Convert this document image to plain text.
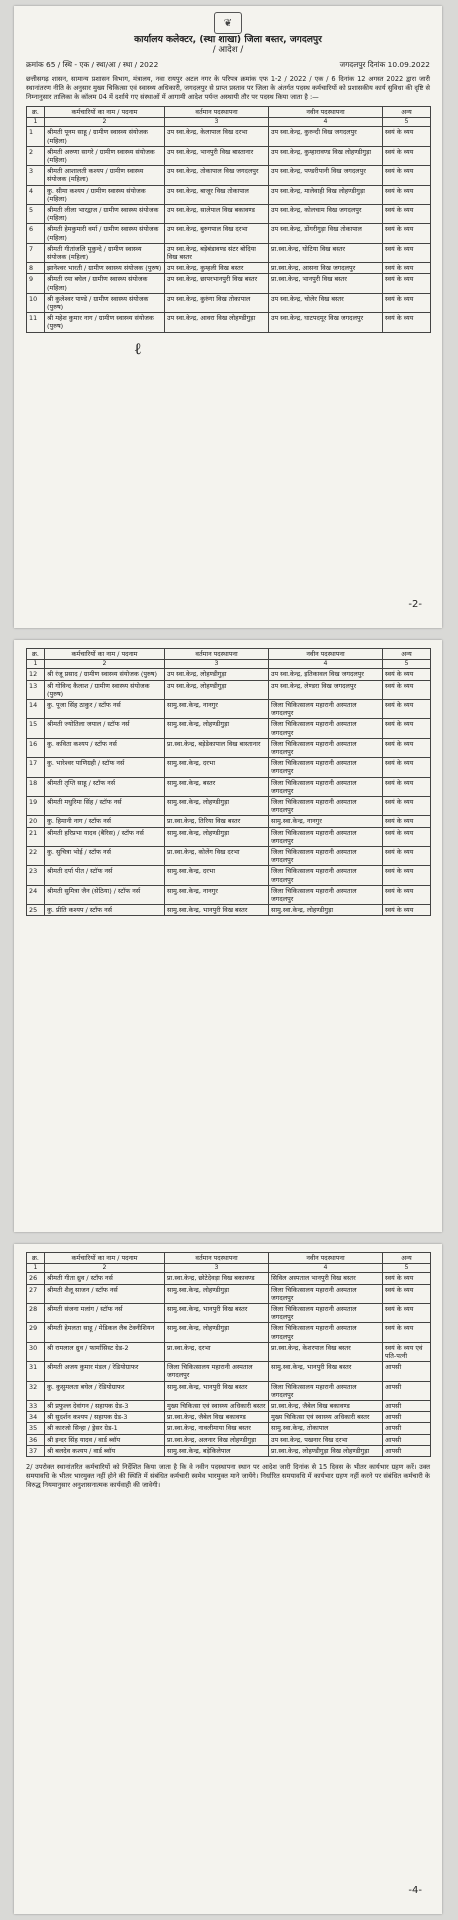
❦
कार्यालय कलेक्टर, (स्था शाखा) जिला बस्तर, जगदलपुर
/ आदेश /
क्रमांक 65 / स्थि - एक / स्था/आ / स्था / 2022	जगदलपुर दिनांक 10.09.2022
छत्तीसगढ़ शासन, सामान्य प्रशासन विभाग, मंत्रालय, नवा रायपुर अटल नगर के परिपत्र क्रमांक एफ 1-2 / 2022 / एक / 6 दिनांक 12 अगस्त 2022 द्वारा जारी स्थानांतरण नीति के अनुसार मुख्य चिकित्सा एवं स्वास्थ्य अधिकारी, जगदलपुर से प्राप्त प्रस्ताव पर जिला के अंतर्गत पदस्थ कर्मचारियों को प्रशासकीय कार्य सुविधा की दृष्टि से निम्नानुसार तालिका के कॉलम 04 में दर्शाये गए संस्थाओं में आगामी आदेश पर्यन्त अस्थायी तौर पर पदस्थ किया जाता है :—
क्र.	कर्मचारियों का नाम / पदनाम	वर्तमान पदस्थापना	नवीन पदस्थापना	अन्य
1	2	3	4	5
1	श्रीमती पूनम साहू / ग्रामीण स्वास्थ्य संयोजक (महिला)	उप स्वा.केन्द्र, केलापाल विख दरभा	उप स्वा.केन्द्र, कुरुन्दी विख जगदलपुर	स्वयं के व्यय
2	श्रीमती अरुणा सागरे / ग्रामीण स्वास्थ्य संयोजक (महिला)	उप स्वा.केन्द्र, भानपुरी विख बास्तानार	उप स्वा.केन्द्र, कुम्हारावण्ड विख लोहण्डीगुड़ा	स्वयं के व्यय
3	श्रीमती आशालती कश्यप / ग्रामीण स्वास्थ्य संयोजक (महिला)	उप स्वा.केन्द्र, तोकापाल विख जगदलपुर	उप स्वा.केन्द्र, पण्डरीपानी विख जगदलपुर	स्वयं के व्यय
4	कु. सीमा कश्यप / ग्रामीण स्वास्थ्य संयोजक (महिला)	उप स्वा.केन्द्र, बाजूर विख तोकापाल	उप स्वा.केन्द्र, मालेवाही विख लोहण्डीगुड़ा	स्वयं के व्यय
5	श्रीमती लीला भारद्वाज / ग्रामीण स्वास्थ्य संयोजक (महिला)	उप स्वा.केन्द्र, सालेपाल विख बकावण्ड	उप स्वा.केन्द्र, कोलचाम विख जगदलपुर	स्वयं के व्यय
6	श्रीमती हेमकुमारी वर्मा / ग्रामीण स्वास्थ्य संयोजक (महिला)	उप स्वा.केन्द्र, बुरुगपाल विख दरभा	उप स्वा.केन्द्र, डोंगरीगुड़ा विख तोकापाल	स्वयं के व्यय
7	श्रीमती गीतांजलि मुकुन्दे / ग्रामीण स्वास्थ्य संयोजक (महिला)	उप स्वा.केन्द्र, बड़ेबंडावण्ड संटर बोदिया विख बस्तर	प्रा.स्वा.केन्द्र, घोटिया विख बस्तर	स्वयं के व्यय
8	झानेश्वर भारती / ग्रामीण स्वास्थ्य संयोजक (पुरुष)	उप स्वा.केन्द्र, कुम्हली विख बस्तर	प्रा.स्वा.केन्द्र, आसना विख जगदलपुर	स्वयं के व्यय
9	श्रीमती रमा बघेल / ग्रामीण स्वास्थ्य संयोजक (महिला)	उप स्वा.केन्द्र, छापरभानपुरी विख बस्तर	प्रा.स्वा.केन्द्र, भानपुरी विख बस्तर	स्वयं के व्यय
10	श्री कुलेश्वर पाण्डे / ग्रामीण स्वास्थ्य संयोजक (पुरुष)	उप स्वा.केन्द्र, कुरुंगा विख तोकापाल	उप स्वा.केन्द्र, चोलेर विख बस्तर	स्वयं के व्यय
11	श्री महेश कुमार नाग / ग्रामीण स्वास्थ्य संयोजक (पुरुष)	उप स्वा.केन्द्र, आवरा विख लोहण्डीगुड़ा	उप स्वा.केन्द्र, घाटपदमूर विख जगदलपुर	स्वयं के व्यय
ℓ
-2-
क्र.	कर्मचारियों का नाम / पदनाम	वर्तमान पदस्थापना	नवीन पदस्थापना	अन्य
1	2	3	4	5
12	श्री रंजू प्रसाद / ग्रामीण स्वास्थ्य संयोजक (पुरुष)	उप स्वा.केन्द्र, लोहण्डीगुड़ा	उप स्वा.केन्द्र, इतिकावल विख जगदलपुर	स्वयं के व्यय
13	श्री गोविन्द कैलाश / ग्रामीण स्वास्थ्य संयोजक (पुरुष)	उप स्वा.केन्द्र, लोहण्डीगुड़ा	उप स्वा.केन्द्र, लेण्डरा विख जगदलपुर	स्वयं के व्यय
14	कु. पूजा सिंह ठाकुर / स्टॉफ नर्स	सामु.स्वा.केन्द्र, नानगुर	जिला चिकित्सालय महारानी अस्पताल जगदलपुर	स्वयं के व्यय
15	श्रीमती ज्योतिला जयाल / स्टॉफ नर्स	सामु.स्वा.केन्द्र, लोहण्डीगुड़ा	जिला चिकित्सालय महारानी अस्पताल जगदलपुर	स्वयं के व्यय
16	कु. कविता कश्यप / स्टॉफ नर्स	प्रा.स्वा.केन्द्र, बड़ेडेकापाल विख बास्तानार	जिला चिकित्सालय महारानी अस्पताल जगदलपुर	स्वयं के व्यय
17	कु. भारेश्वर पाणिग्रही / स्टॉफ नर्स	सामु.स्वा.केन्द्र, दरभा	जिला चिकित्सालय महारानी अस्पताल जगदलपुर	स्वयं के व्यय
18	श्रीमती तृप्ति साहू / स्टॉफ नर्स	सामु.स्वा.केन्द्र, बस्तर	जिला चिकित्सालय महारानी अस्पताल जगदलपुर	स्वयं के व्यय
19	श्रीमती मधुरिमा सिंह / स्टॉफ नर्स	सामु.स्वा.केन्द्र, लोहण्डीगुड़ा	जिला चिकित्सालय महारानी अस्पताल जगदलपुर	स्वयं के व्यय
20	कु. हिमानी नाग / स्टॉफ नर्स	प्रा.स्वा.केन्द्र, तिरिया विख बस्तर	सामु.स्वा.केन्द्र, नानगुर	स्वयं के व्यय
21	श्रीमती हरिप्रभा यादव (बैरिस) / स्टॉफ नर्स	सामु.स्वा.केन्द्र, लोहण्डीगुड़ा	जिला चिकित्सालय महारानी अस्पताल जगदलपुर	स्वयं के व्यय
22	कु. सुचित्रा भोई / स्टॉफ नर्स	प्रा.स्वा.केन्द्र, कोलेंग विख दरभा	जिला चिकित्सालय महारानी अस्पताल जगदलपुर	स्वयं के व्यय
23	श्रीमती दर्पा पीत / स्टॉफ नर्स	सामु.स्वा.केन्द्र, दरभा	जिला चिकित्सालय महारानी अस्पताल जगदलपुर	स्वयं के व्यय
24	श्रीमती सुमित्रा जैन (सेठिया) / स्टॉफ नर्स	सामु.स्वा.केन्द्र, नानगुर	जिला चिकित्सालय महारानी अस्पताल जगदलपुर	स्वयं के व्यय
25	कु. प्रीति कश्यप / स्टॉफ नर्स	सामु.स्वा.केन्द्र, भानपुरी विख बस्तर	सामु.स्वा.केन्द्र, लोहण्डीगुड़ा	स्वयं के व्यय
क्र.	कर्मचारियों का नाम / पदनाम	वर्तमान पदस्थापना	नवीन पदस्थापना	अन्य
1	2	3	4	5
26	श्रीमती गीता ध्रुव / स्टॉफ नर्स	प्रा.स्वा.केन्द्र, छोटेदेवड़ा विख बकावण्ड	सिविल अस्पताल भानपुरी विख बस्तर	स्वयं के व्यय
27	श्रीमती शैलू साजन / स्टॉफ नर्स	सामु.स्वा.केन्द्र, लोहण्डीगुड़ा	जिला चिकित्सालय महारानी अस्पताल जगदलपुर	स्वयं के व्यय
28	श्रीमती संजना मलांग / स्टॉफ नर्स	सामु.स्वा.केन्द्र, भानपुरी विख बस्तर	जिला चिकित्सालय महारानी अस्पताल जगदलपुर	स्वयं के व्यय
29	श्रीमती हेमलता साहू / मेडिकल लैब टेक्नीशियन	सामु.स्वा.केन्द्र, लोहण्डीगुड़ा	जिला चिकित्सालय महारानी अस्पताल जगदलपुर	स्वयं के व्यय
30	श्री रामलाल ध्रुव / फार्मासिस्ट ग्रेड-2	प्रा.स्वा.केन्द्र, दरभा	प्रा.स्वा.केन्द्र, केशरपाल विख बस्तर	स्वयं के व्यय एवं पति-पत्नी
31	श्रीमती अजय कुमार मंडल / रेडियोग्राफर	जिला चिकित्सालय महारानी अस्पताल जगदलपुर	सामु.स्वा.केन्द्र, भानपुरी विख बस्तर	आपसी
32	कु. कुसुमलता बघेल / रेडियोग्राफर	सामु.स्वा.केन्द्र, भानपुरी विख बस्तर	जिला चिकित्सालय महारानी अस्पताल जगदलपुर	आपसी
33	श्री प्रफुल्ल देवांगन / सहायक ग्रेड-3	मुख्य चिकित्सा एवं स्वास्थ्य अधिकारी बस्तर	प्रा.स्वा.केन्द्र, जैबेल विख बकावण्ड	आपसी
34	श्री सुदर्शन कश्यप / सहायक ग्रेड-3	प्रा.स्वा.केन्द्र, जैबेल विख बकावण्ड	मुख्य चिकित्सा एवं स्वास्थ्य अधिकारी बस्तर	आपसी
35	श्री कारजो सिन्हा / ड्रेसर ग्रेड-1	प्रा.स्वा.केन्द्र, नावलीमाया विख बस्तर	सामु.स्वा.केन्द्र, तोकापाल	आपसी
36	श्री इन्दर सिंह यादव / वार्ड ब्वॉय	प्रा.स्वा.केन्द्र, अलनार विख लोहण्डीगुड़ा	उप स्वा.केन्द्र, पखनार विख दरभा	आपसी
37	श्री बलदेव कश्यप / वार्ड ब्वॉय	सामु.स्वा.केन्द्र, बड़ेकिलेपाल	प्रा.स्वा.केन्द्र, लोहण्डीगुड़ा विख लोहण्डीगुड़ा	आपसी
2/ उपरोक्त स्थानांतरित कर्मचारियों को निर्देशित किया जाता है कि वे नवीन पदस्थापना स्थान पर आदेश जारी दिनांक से 15 दिवस के भीतर कार्यभार ग्रहण करें। उक्त समयावधि के भीतर भारमुक्त नहीं होने की स्थिति में संबंधित कर्मचारी स्वमेव भारमुक्त माने जायेंगे। निर्धारित समयावधि में कार्यभार ग्रहण नहीं करने पर संबंधित कर्मचारी के विरुद्ध नियमानुसार अनुशासनात्मक कार्यवाही की जावेगी।
-4-
